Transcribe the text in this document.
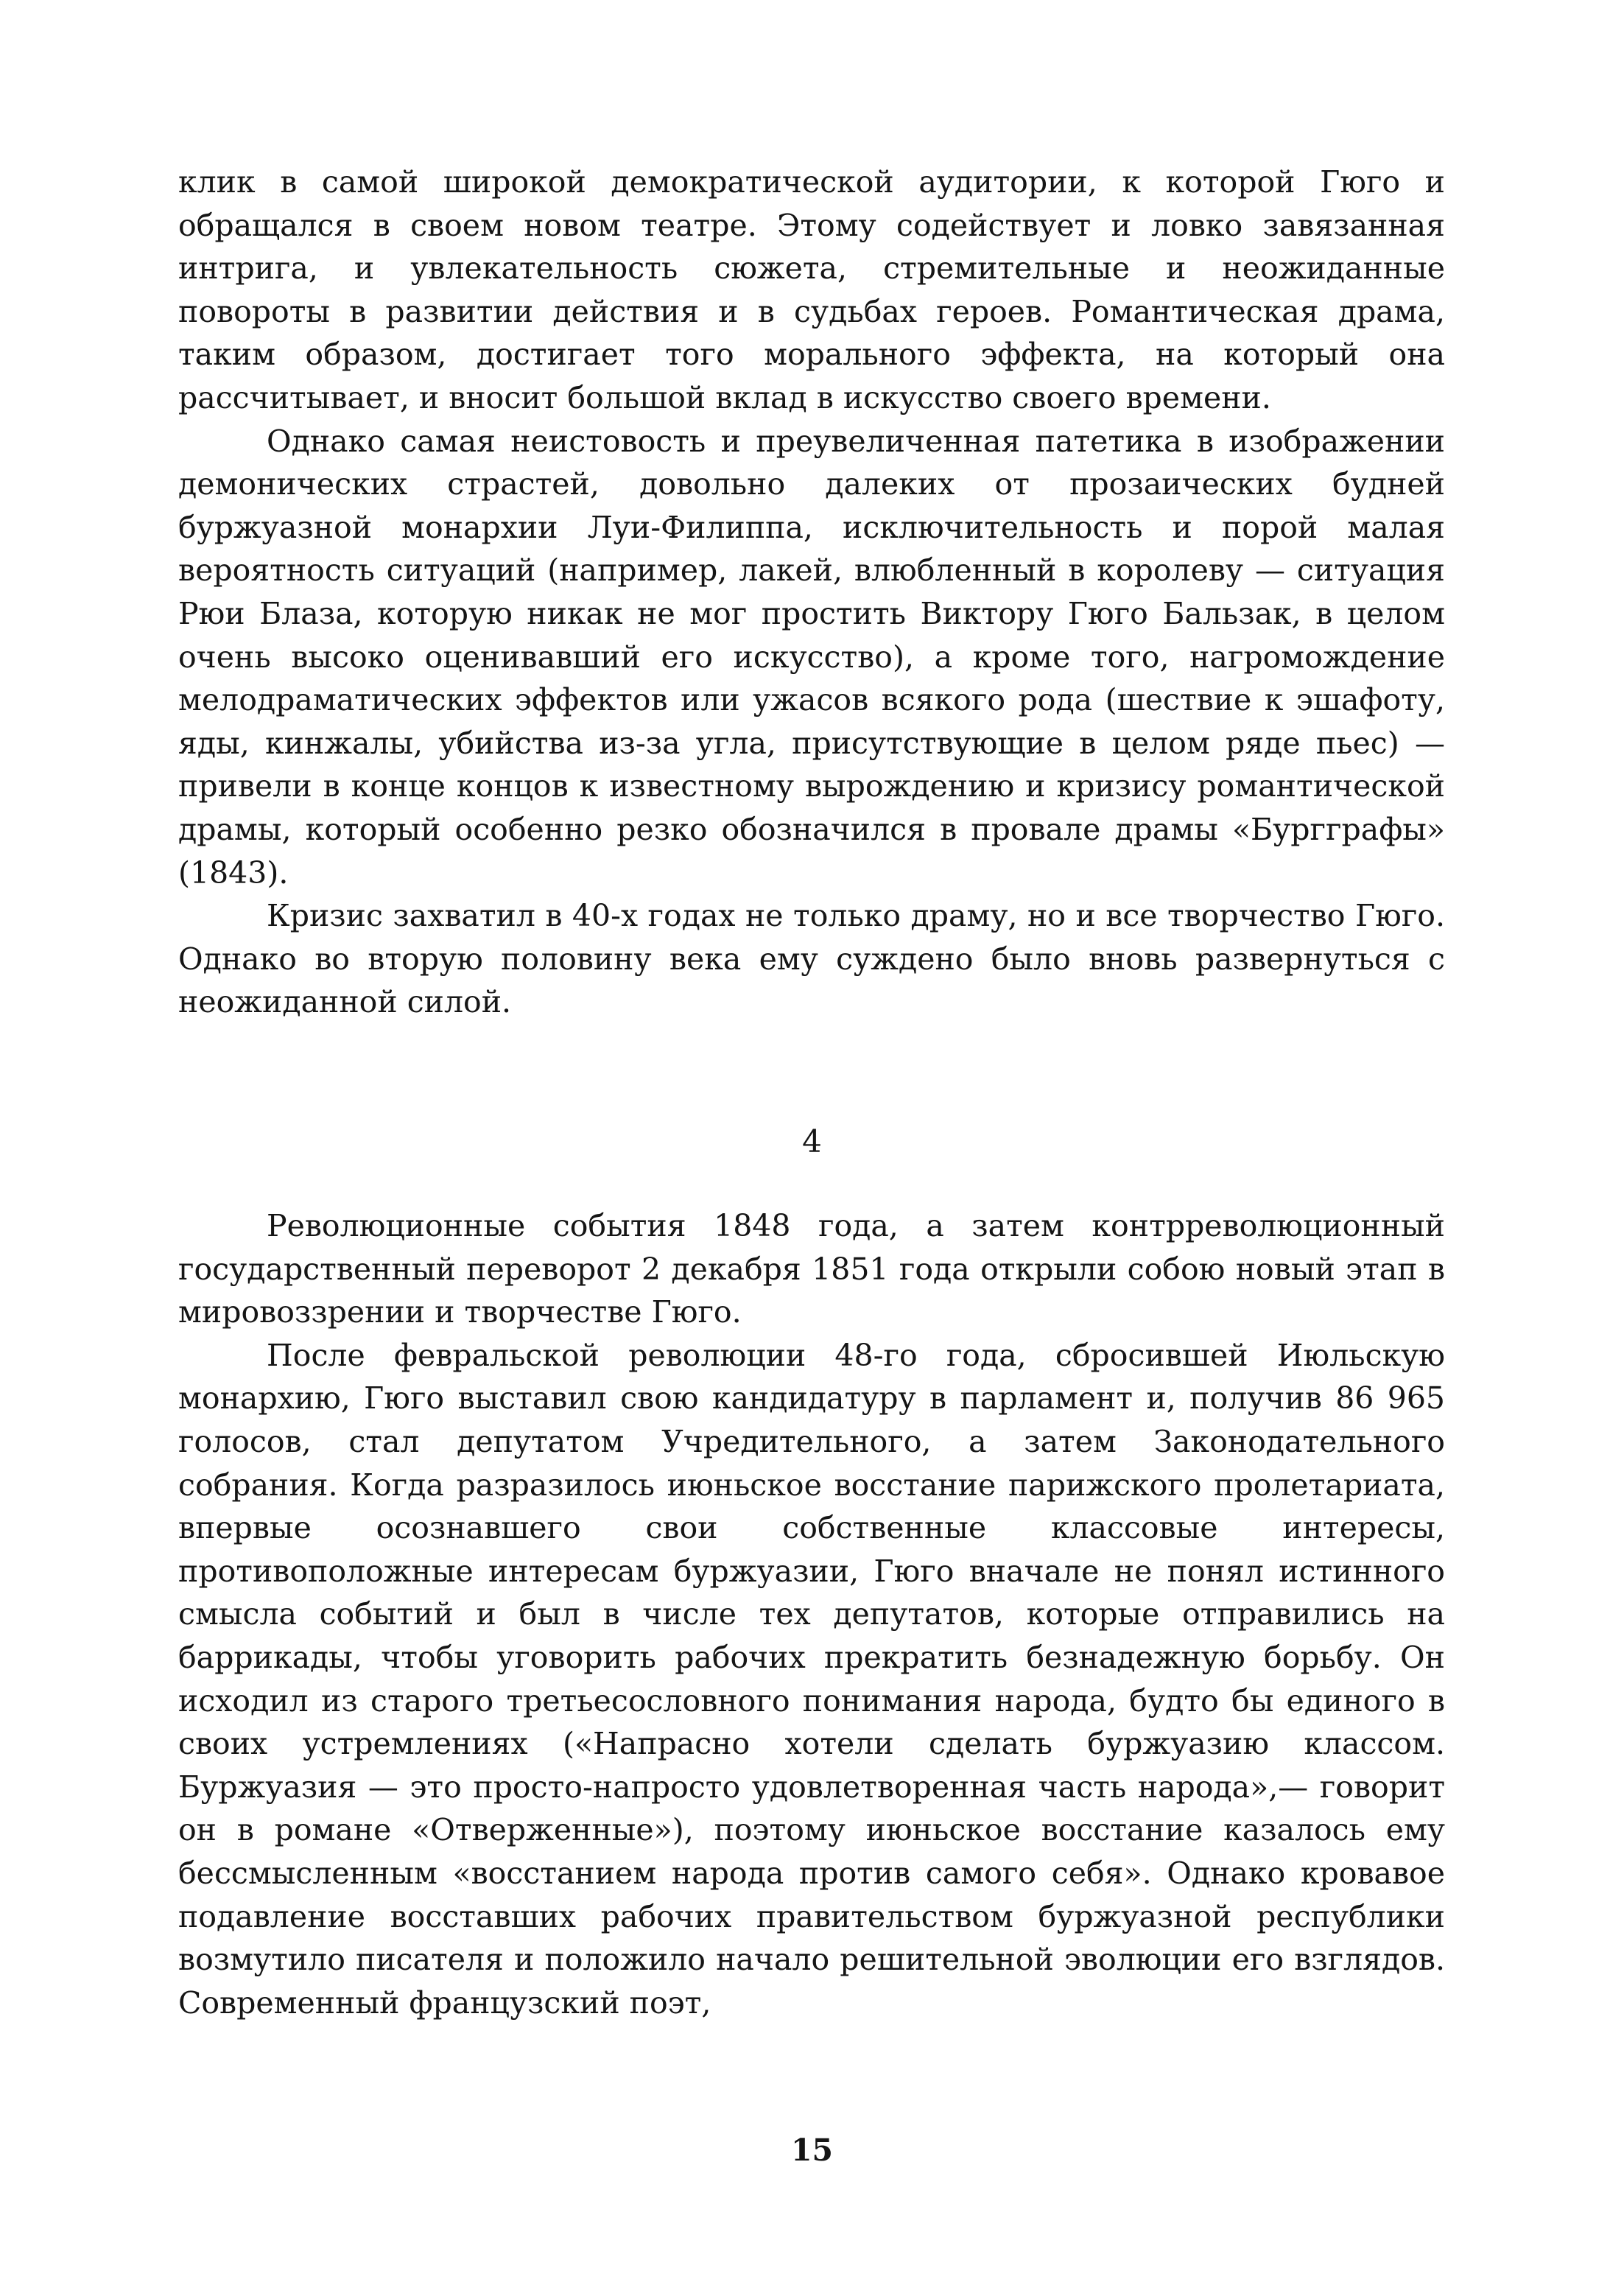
клик в самой широкой демократической аудитории, к которой Гюго и обращался в своем новом театре. Этому содействует и ловко завязанная интрига, и увлекательность сюжета, стремительные и неожиданные повороты в развитии действия и в судьбах героев. Романтическая драма, таким образом, достигает того морального эффекта, на который она рассчитывает, и вносит большой вклад в искусство своего времени.

Однако самая неистовость и преувеличенная патетика в изображении демонических страстей, довольно далеких от прозаических будней буржуазной монархии Луи-Филиппа, исключительность и порой малая вероятность ситуаций (например, лакей, влюбленный в королеву — ситуация Рюи Блаза, которую никак не мог простить Виктору Гюго Бальзак, в целом очень высоко оценивавший его искусство), а кроме того, нагромождение мелодраматических эффектов или ужасов всякого рода (шествие к эшафоту, яды, кинжалы, убийства из-за угла, присутствующие в целом ряде пьес) — привели в конце концов к известному вырождению и кризису романтической драмы, который особенно резко обозначился в провале драмы «Бургграфы» (1843).

Кризис захватил в 40-х годах не только драму, но и все творчество Гюго. Однако во вторую половину века ему суждено было вновь развернуться с неожиданной силой.

4

Революционные события 1848 года, а затем контрреволюционный государственный переворот 2 декабря 1851 года открыли собою новый этап в мировоззрении и творчестве Гюго.

После февральской революции 48-го года, сбросившей Июльскую монархию, Гюго выставил свою кандидатуру в парламент и, получив 86 965 голосов, стал депутатом Учредительного, а затем Законодательного собрания. Когда разразилось июньское восстание парижского пролетариата, впервые осознавшего свои собственные классовые интересы, противоположные интересам буржуазии, Гюго вначале не понял истинного смысла событий и был в числе тех депутатов, которые отправились на баррикады, чтобы уговорить рабочих прекратить безнадежную борьбу. Он исходил из старого третьесословного понимания народа, будто бы единого в своих устремлениях («Напрасно хотели сделать буржуазию классом. Буржуазия — это просто-напросто удовлетворенная часть народа»,— говорит он в романе «Отверженные»), поэтому июньское восстание казалось ему бессмысленным «восстанием народа против самого себя». Однако кровавое подавление восставших рабочих правительством буржуазной республики возмутило писателя и положило начало решительной эволюции его взглядов. Современный французский поэт,

15
